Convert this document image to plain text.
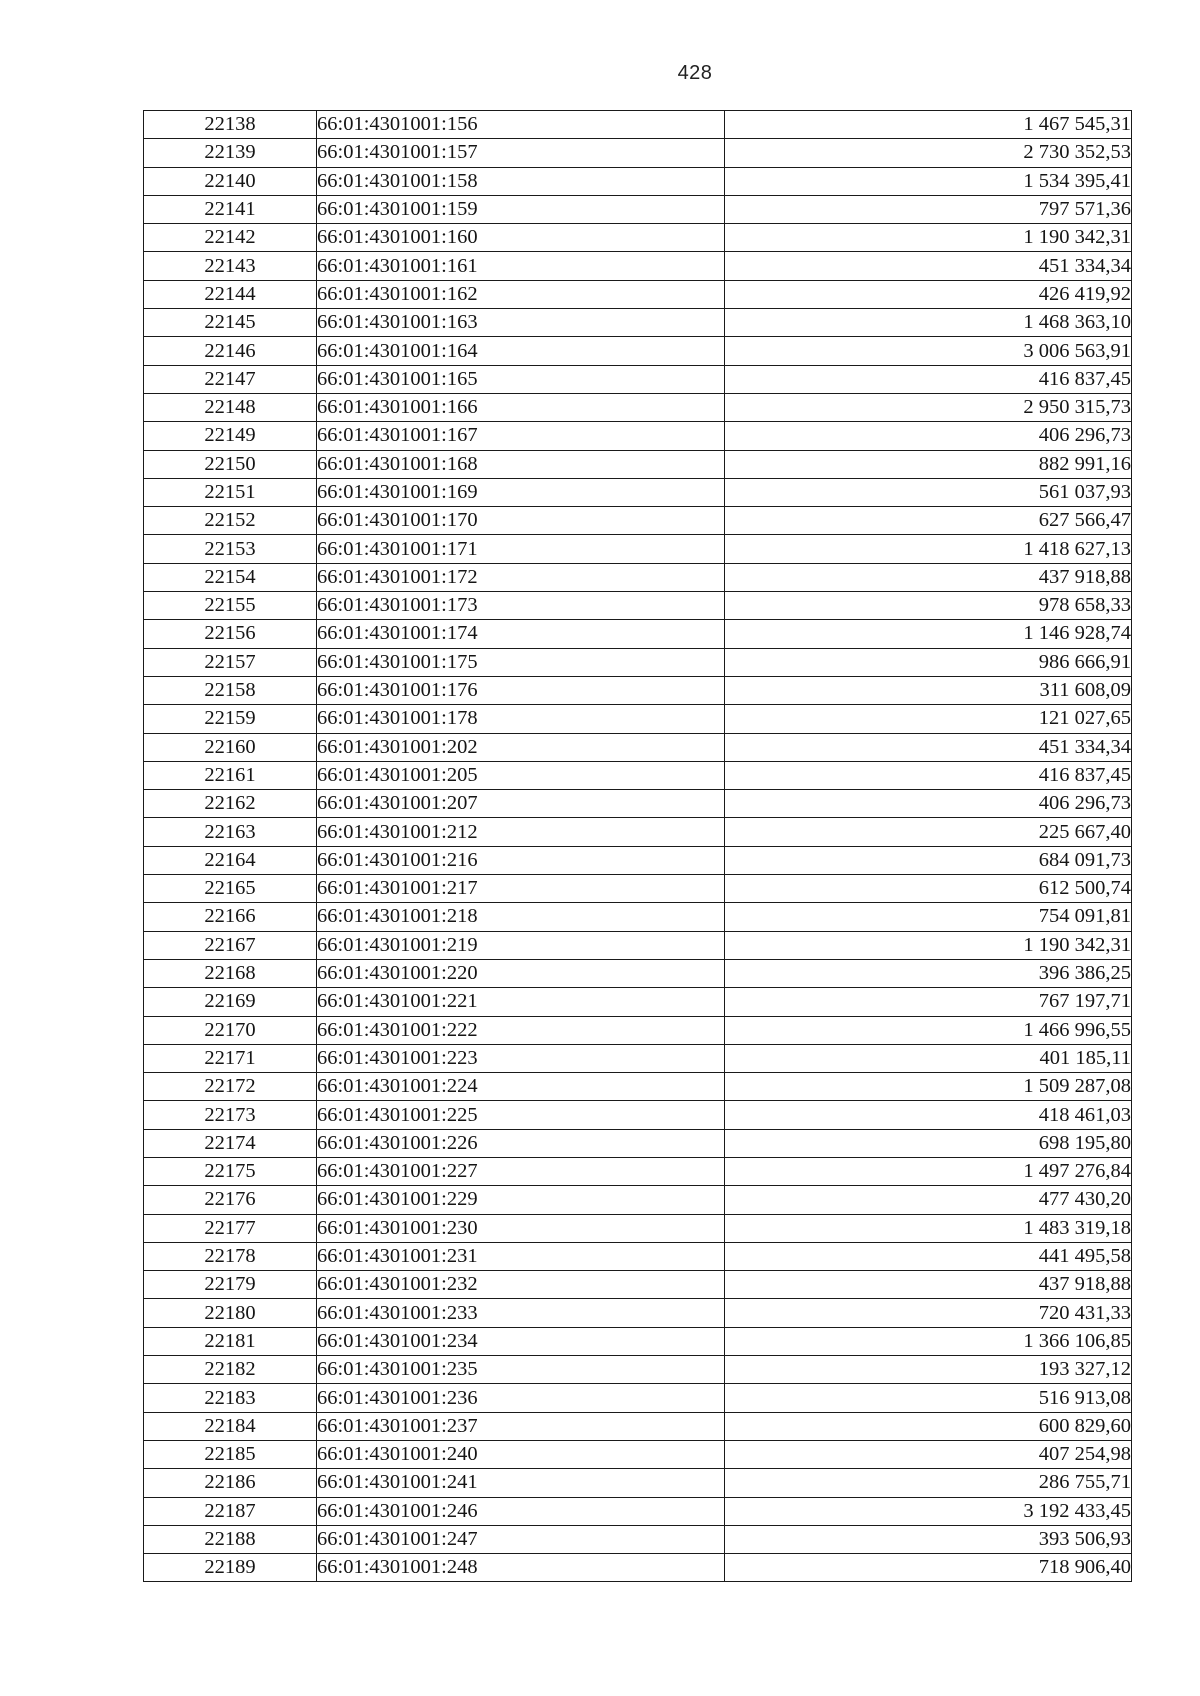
428
22138	66:01:4301001:156	1 467 545,31
22139	66:01:4301001:157	2 730 352,53
22140	66:01:4301001:158	1 534 395,41
22141	66:01:4301001:159	797 571,36
22142	66:01:4301001:160	1 190 342,31
22143	66:01:4301001:161	451 334,34
22144	66:01:4301001:162	426 419,92
22145	66:01:4301001:163	1 468 363,10
22146	66:01:4301001:164	3 006 563,91
22147	66:01:4301001:165	416 837,45
22148	66:01:4301001:166	2 950 315,73
22149	66:01:4301001:167	406 296,73
22150	66:01:4301001:168	882 991,16
22151	66:01:4301001:169	561 037,93
22152	66:01:4301001:170	627 566,47
22153	66:01:4301001:171	1 418 627,13
22154	66:01:4301001:172	437 918,88
22155	66:01:4301001:173	978 658,33
22156	66:01:4301001:174	1 146 928,74
22157	66:01:4301001:175	986 666,91
22158	66:01:4301001:176	311 608,09
22159	66:01:4301001:178	121 027,65
22160	66:01:4301001:202	451 334,34
22161	66:01:4301001:205	416 837,45
22162	66:01:4301001:207	406 296,73
22163	66:01:4301001:212	225 667,40
22164	66:01:4301001:216	684 091,73
22165	66:01:4301001:217	612 500,74
22166	66:01:4301001:218	754 091,81
22167	66:01:4301001:219	1 190 342,31
22168	66:01:4301001:220	396 386,25
22169	66:01:4301001:221	767 197,71
22170	66:01:4301001:222	1 466 996,55
22171	66:01:4301001:223	401 185,11
22172	66:01:4301001:224	1 509 287,08
22173	66:01:4301001:225	418 461,03
22174	66:01:4301001:226	698 195,80
22175	66:01:4301001:227	1 497 276,84
22176	66:01:4301001:229	477 430,20
22177	66:01:4301001:230	1 483 319,18
22178	66:01:4301001:231	441 495,58
22179	66:01:4301001:232	437 918,88
22180	66:01:4301001:233	720 431,33
22181	66:01:4301001:234	1 366 106,85
22182	66:01:4301001:235	193 327,12
22183	66:01:4301001:236	516 913,08
22184	66:01:4301001:237	600 829,60
22185	66:01:4301001:240	407 254,98
22186	66:01:4301001:241	286 755,71
22187	66:01:4301001:246	3 192 433,45
22188	66:01:4301001:247	393 506,93
22189	66:01:4301001:248	718 906,40
